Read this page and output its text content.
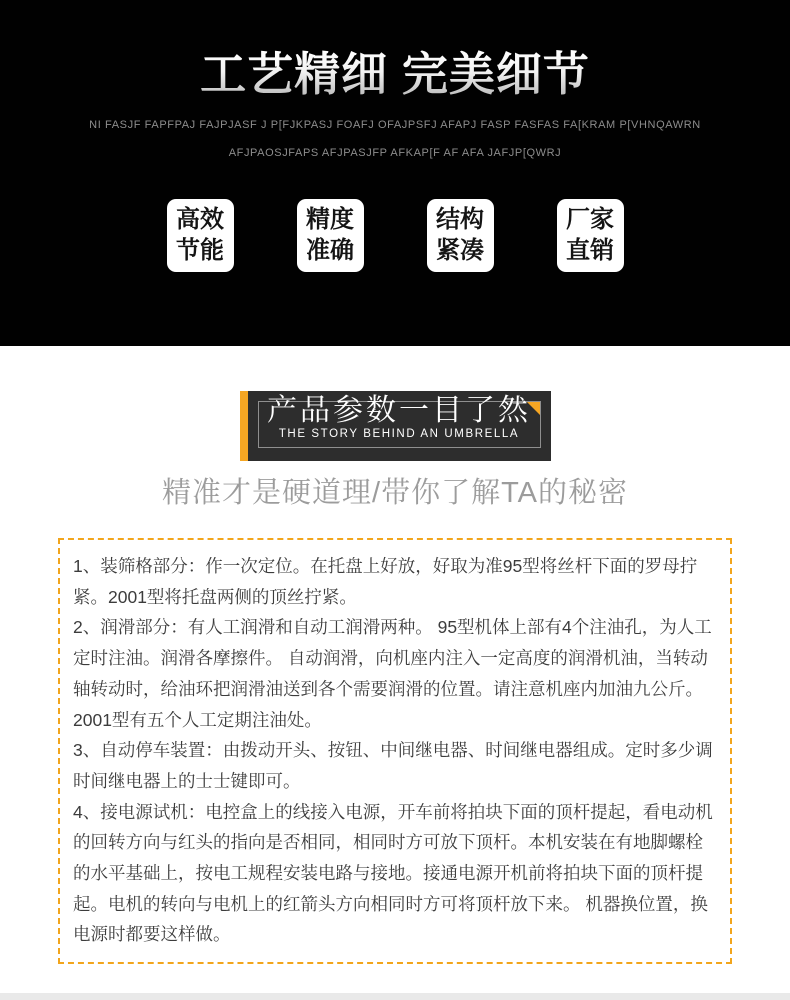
工艺精细 完美细节

NI FASJF FAPFPAJ FAJPJASF J P[FJKPASJ FOAFJ OFAJPSFJ AFAPJ FASP FASFAS FA[KRAM P[VHNQAWRN

AFJPAOSJFAPS AFJPASJFP AFKAP[F AF AFA JAFJP[QWRJ

高效
节能
精度
准确
结构
紧凑
厂家
直销
产品参数一目了然
THE STORY BEHIND AN UMBRELLA
精准才是硬道理/带你了解TA的秘密

1、装筛格部分：作一次定位。在托盘上好放，好取为准95型将丝杆下面的罗母拧紧。2001型将托盘两侧的顶丝拧紧。

2、润滑部分：有人工润滑和自动工润滑两种。 95型机体上部有4个注油孔，为人工定时注油。润滑各摩擦件。 自动润滑，向机座内注入一定高度的润滑机油，当转动轴转动时，给油环把润滑油送到各个需要润滑的位置。请注意机座内加油九公斤。2001型有五个人工定期注油处。

3、自动停车装置：由拨动开头、按钮、中间继电器、时间继电器组成。定时多少调时间继电器上的士士键即可。

4、接电源试机：电控盒上的线接入电源，开车前将拍块下面的顶杆提起，看电动机的回转方向与红头的指向是否相同，相同时方可放下顶杆。本机安装在有地脚螺栓的水平基础上，按电工规程安装电路与接地。接通电源开机前将拍块下面的顶杆提起。电机的转向与电机上的红箭头方向相同时方可将顶杆放下来。 机器换位置，换电源时都要这样做。
